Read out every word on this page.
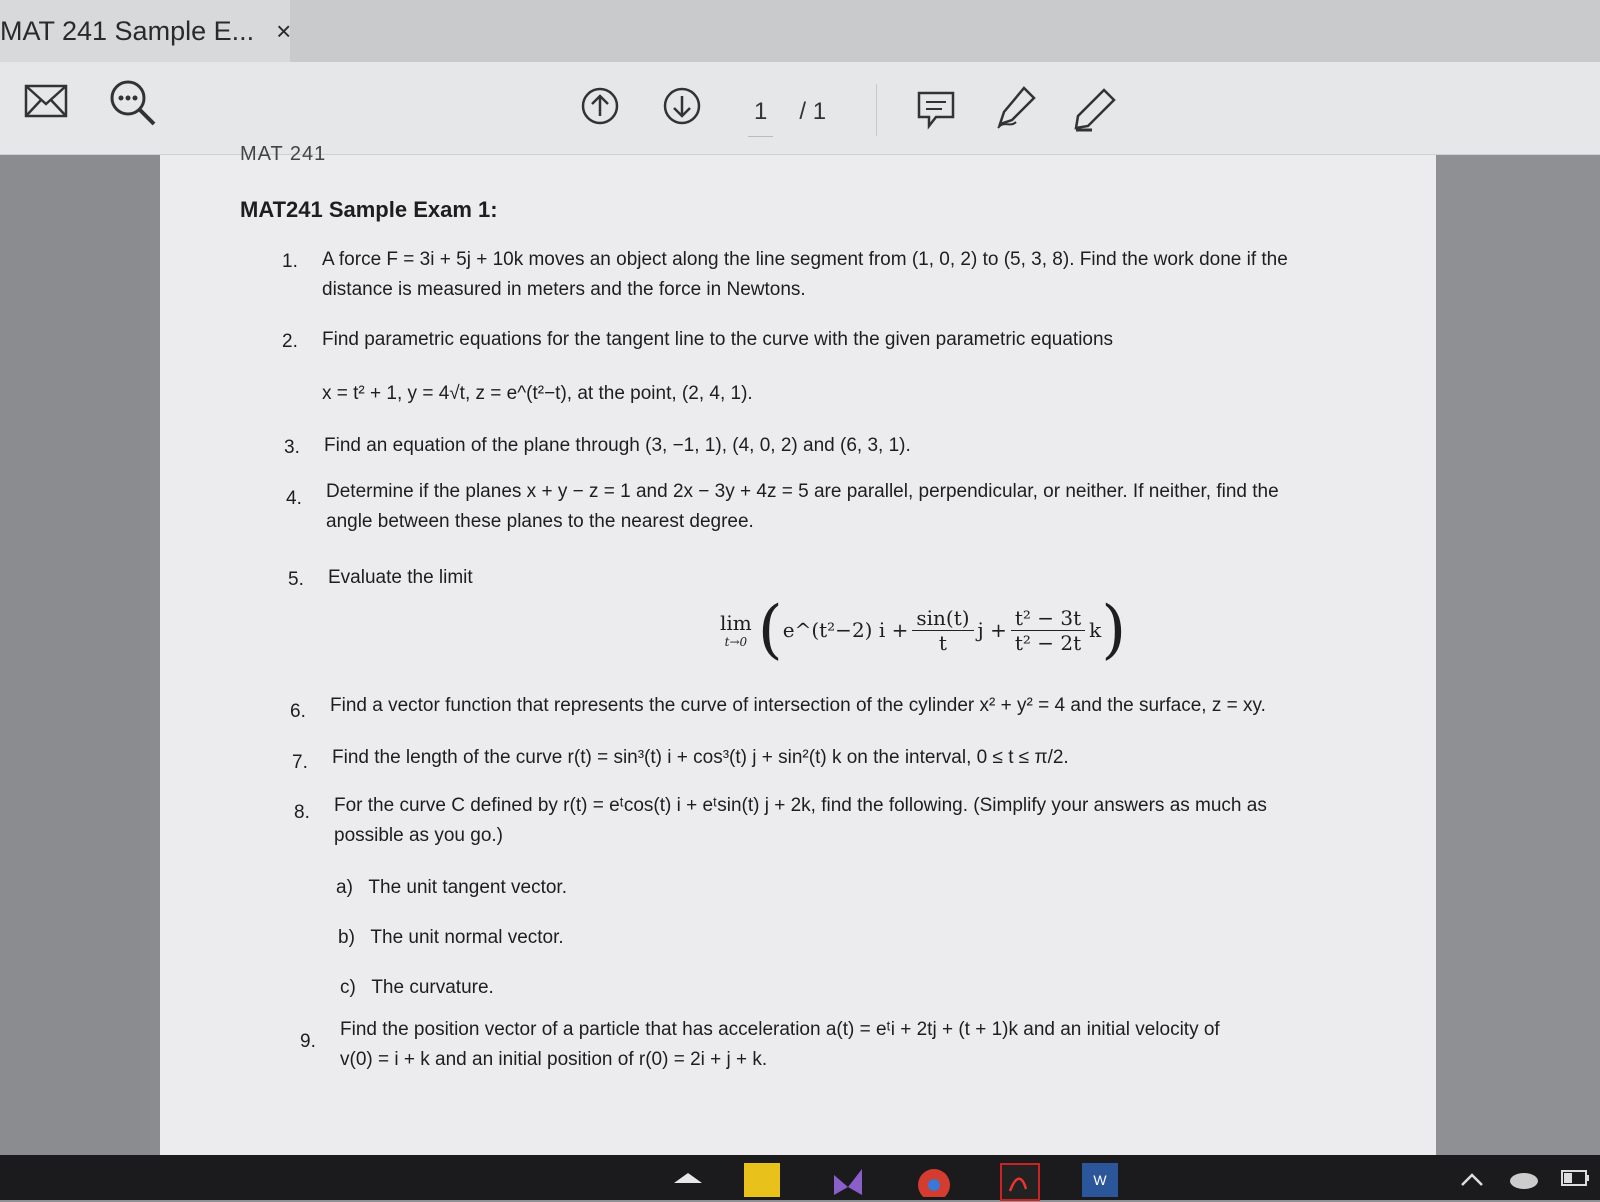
MAT 241 Sample E... ×
1 / 1
MAT 241
MAT241 Sample Exam 1:
1.	A force F = 3i + 5j + 10k moves an object along the line segment from (1, 0, 2) to (5, 3, 8). Find the work done if the
distance is measured in meters and the force in Newtons.
2.	Find parametric equations for the tangent line to the curve with the given parametric equations
x = t² + 1, y = 4√t, z = e^(t²−t), at the point, (2, 4, 1).
3.	Find an equation of the plane through (3, −1, 1), (4, 0, 2) and (6, 3, 1).
4.	Determine if the planes x + y − z = 1 and 2x − 3y + 4z = 5 are parallel, perpendicular, or neither. If neither, find the
angle between these planes to the nearest degree.
5.	Evaluate the limit
lim
t→0 ( e^(t²−2) $i + \frac{\sin(t)}{t}$ $j + \frac{\text{t² − 3t}}{\text{t² − 2t}}$ k )
6.	Find a vector function that represents the curve of intersection of the cylinder x² + y² = 4 and the surface, z = xy.
7.	Find the length of the curve r(t) = sin³(t) i + cos³(t) j + sin²(t) k on the interval, 0 ≤ t ≤ π/2.
8.	For the curve C defined by r(t) = eᵗcos(t) i + eᵗsin(t) j + 2k, find the following. (Simplify your answers as much as
possible as you go.)
a) The unit tangent vector.
b) The unit normal vector.
c) The curvature.
9.
Find the position vector of a particle that has acceleration a(t) = eᵗi + 2tj + (t + 1)k and an initial velocity of
v(0) = i + k and an initial position of r(0) = 2i + j + k.
W
